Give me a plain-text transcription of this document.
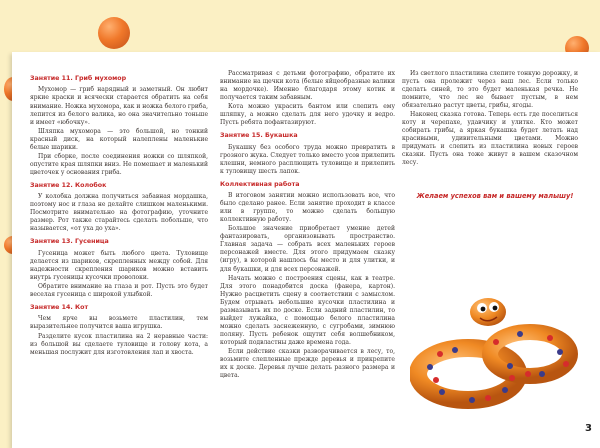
Занятие 11. Гриб мухомор

Мухомор — гриб нарядный и заметный. Он любит яркие краски и всячески старается обратить на себя внимание. Ножка мухомора, как и ножка белого гриба, лепится из белого валика, но она значительно тоньше и имеет «юбочку».

Шляпка мухомора — это большой, но тонкий красный диск, на который налеплены маленькие белые шарики.

При сборке, после соединения ножки со шляпкой, опустите края шляпки вниз. Не помешает и маленький цветочек у основания гриба.

Занятие 12. Колобок

У колобка должна получиться забавная мордашка, поэтому нос и глаза не делайте слишком маленькими. Посмотрите внимательно на фотографию, уточните размер. Рот также старайтесь сделать побольше, что называется, «от уха до уха».

Занятие 13. Гусеница

Гусеница может быть любого цвета. Туловище делается из шариков, скрепленных между собой. Для надежности скрепления шариков можно вставить внутрь гусеницы кусочки проволоки.

Обратите внимание на глаза и рот. Пусть это будет веселая гусеница с широкой улыбкой.

Занятие 14. Кот

Чем ярче вы возьмете пластилин, тем выразительнее получится ваша игрушка.

Разделите кусок пластилина на 2 неравные части: из большой вы сделаете туловище и голову кота, а меньшая послужит для изготовления лап и хвоста.

Рассматривая с детьми фотографию, обратите их внимание на щечки кота (белые яйцеобразные валики на мордочке). Именно благодаря этому котик и получается таким забавным.

Кота можно украсить бантом или слепить ему шляпку, а можно сделать для него удочку и ведро. Пусть ребята пофантазируют.

Занятие 15. Букашка

Букашку без особого труда можно превратить в грозного жука. Следует только вместо усов прилепить клешни, немного расплющить туловище и прилепить к туловищу шесть лапок.

Коллективная работа

В итоговом занятии можно использовать все, что было сделано ранее. Если занятие проходит в классе или в группе, то можно сделать большую коллективную работу.

Большое значение приобретает умение детей фантазировать, организовывать пространство. Главная задача — собрать всех маленьких героев персонажей вместе. Для этого придумаем сказку (игру), в которой нашлось бы место и для улитки, и для букашки, и для всех персонажей.

Начать можно с построения сцены, как в театре. Для этого понадобится доска (фанера, картон). Нужно расцветить сцену в соответствии с замыслом. Будем отрывать небольшие кусочки пластилина и размазывать их по доске. Если задний пластилин, то выйдет лужайка, с помощью белого пластилина можно сделать заснеженную, с сугробами, зимнюю поляну. Пусть ребенок ощутит себя волшебником, который подвластны даже времена года.

Если действие сказки разворачивается в лесу, то, возьмите слепленные прежде деревья и прикрепите их к доске. Деревья лучше делать разного размера и цвета.

Из светлого пластилина слепите тонкую дорожку, и пусть она пролежит через ваш лес. Если только сделать синей, то это будет маленькая речка. Не помните, что лес не бывает пустым, в нем обязательно растут цветы, грибы, ягоды.

Наконец сказка готова. Теперь есть где поселиться коту и черепахе, удавчику и улитке. Кто может собирать грибы, а яркая букашка будет летать над красивыми, удивительными цветами. Можно придумать и слепить из пластилина новых героев сказки. Пусть она тоже живут в вашем сказочном лесу.

Желаем успехов вам и вашему малышу!
3
